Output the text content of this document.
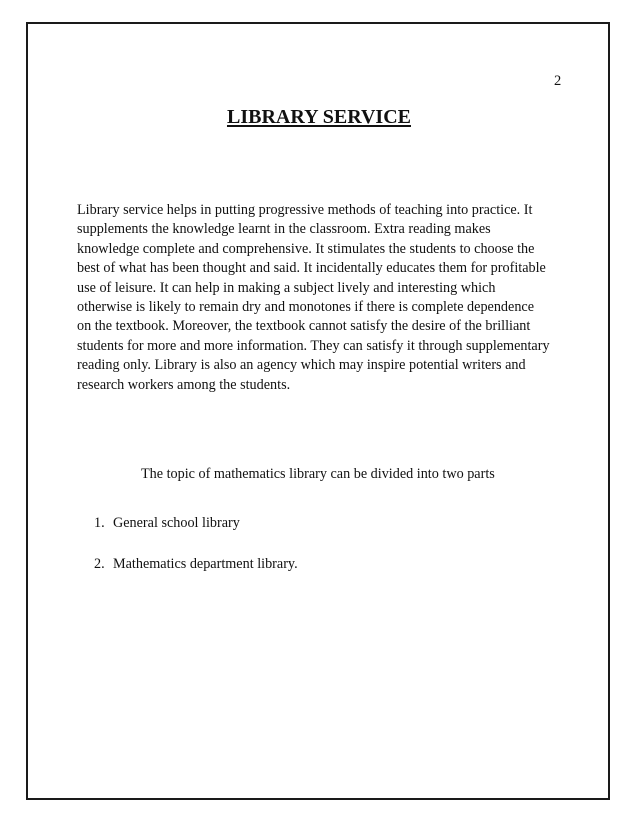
2
LIBRARY SERVICE

Library service helps in putting progressive methods of teaching into practice. It
supplements the knowledge learnt in the classroom. Extra reading makes
knowledge complete and comprehensive. It stimulates the students to choose the
best of what has been thought and said. It incidentally educates them for profitable
use of leisure. It can help in making a subject lively and interesting which
otherwise is likely to remain dry and monotones if there is complete dependence
on the textbook. Moreover, the textbook cannot satisfy the desire of the brilliant
students for more and more information. They can satisfy it through supplementary
reading only. Library is also an agency which may inspire potential writers and
research workers among the students.

The topic of mathematics library can be divided into two parts
1. General school library
2. Mathematics department library.
